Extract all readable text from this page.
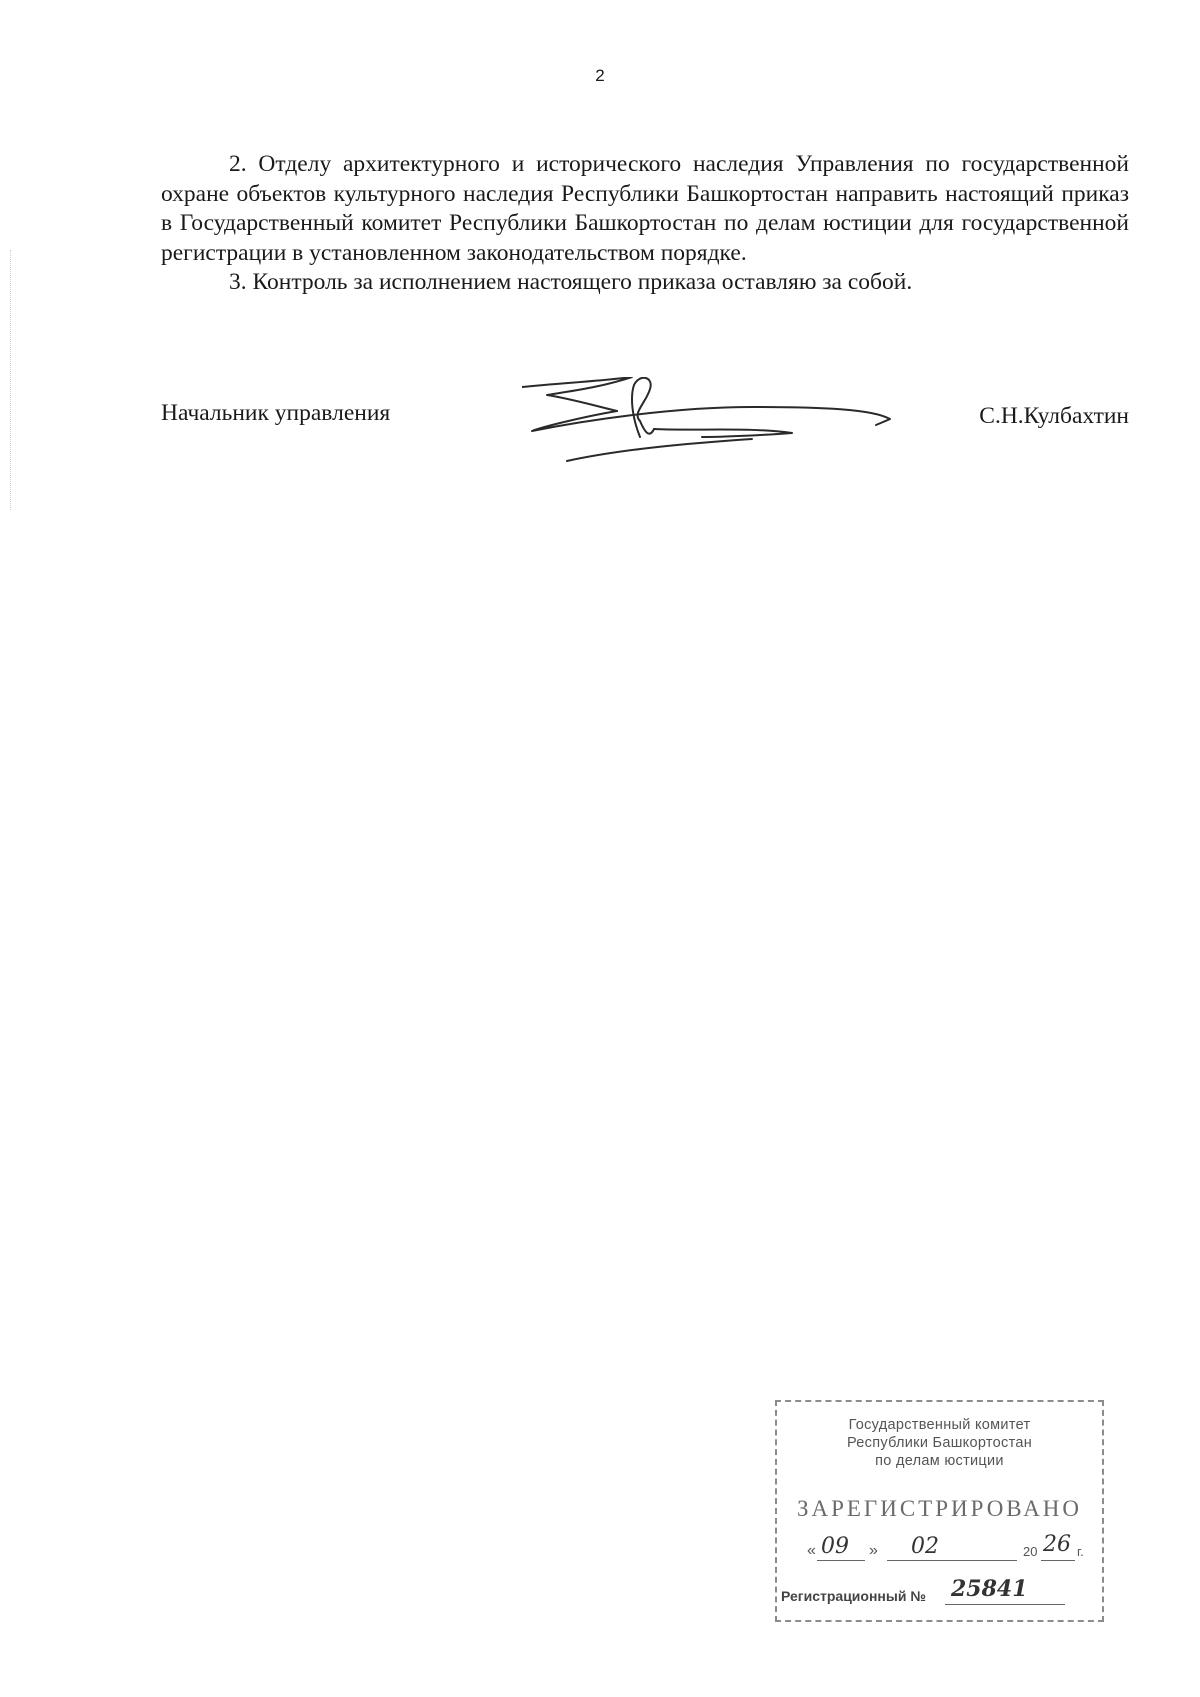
2

2. Отделу архитектурного и исторического наследия Управления по государственной охране объектов культурного наследия Республики Башкортостан направить настоящий приказ в Государственный комитет Республики Башкортостан по делам юстиции для государственной регистрации в установленном законодательством порядке.

3. Контроль за исполнением настоящего приказа оставляю за собой.

Начальник управления	С.Н.Кулбахтин
Государственный комитет
Республики Башкортостан
по делам юстиции
ЗАРЕГИСТРИРОВАНО
« 09 » 02	20 26 г.
Регистрационный № 25841
